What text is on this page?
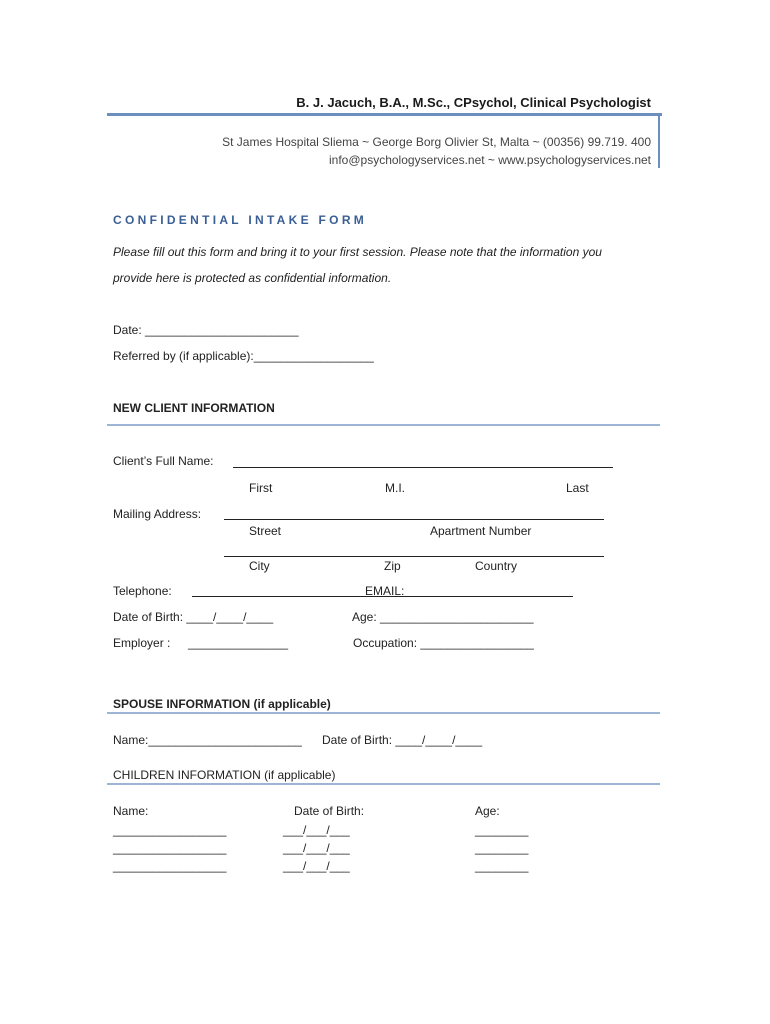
B. J. Jacuch, B.A., M.Sc., CPsychol, Clinical Psychologist
St James Hospital Sliema ~ George Borg Olivier St, Malta ~ (00356) 99.719. 400
info@psychologyservices.net ~ www.psychologyservices.net
CONFIDENTIAL INTAKE FORM
Please fill out this form and bring it to your first session. Please note that the information you
provide here is protected as confidential information.
Date: _______________________
Referred by (if applicable):__________________
NEW CLIENT INFORMATION
Client’s Full Name:
First	M.I.	Last
Mailing Address:
Street	Apartment Number
City	Zip	Country
Telephone:	EMAIL:
Date of Birth: ____/____/____	Age: _______________________
Employer : _______________	Occupation: _________________
SPOUSE INFORMATION (if applicable)
Name:_______________________ Date of Birth: ____/____/____
CHILDREN INFORMATION (if applicable)
Name:	Date of Birth:	Age:
_________________	___/___/___	________
_________________	___/___/___	________
_________________	___/___/___	________
